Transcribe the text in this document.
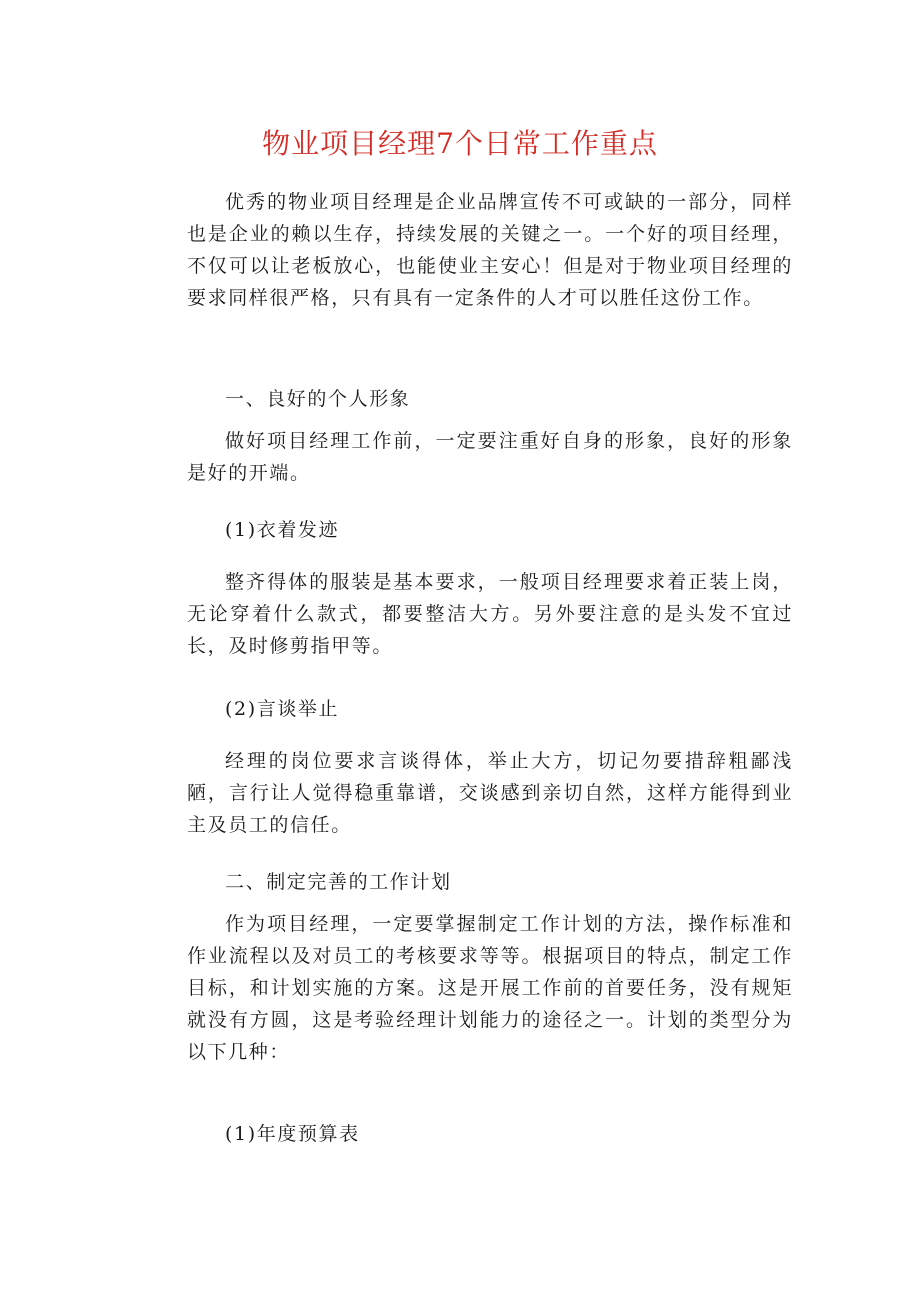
物业项目经理7个日常工作重点

优秀的物业项目经理是企业品牌宣传不可或缺的一部分，同样也是企业的赖以生存，持续发展的关键之一。一个好的项目经理，不仅可以让老板放心，也能使业主安心！但是对于物业项目经理的要求同样很严格，只有具有一定条件的人才可以胜任这份工作。

一、良好的个人形象

做好项目经理工作前，一定要注重好自身的形象，良好的形象是好的开端。

(1)衣着发迹

整齐得体的服装是基本要求，一般项目经理要求着正装上岗，无论穿着什么款式，都要整洁大方。另外要注意的是头发不宜过长，及时修剪指甲等。

(2)言谈举止

经理的岗位要求言谈得体，举止大方，切记勿要措辞粗鄙浅陋，言行让人觉得稳重靠谱，交谈感到亲切自然，这样方能得到业主及员工的信任。

二、制定完善的工作计划

作为项目经理，一定要掌握制定工作计划的方法，操作标准和作业流程以及对员工的考核要求等等。根据项目的特点，制定工作目标，和计划实施的方案。这是开展工作前的首要任务，没有规矩就没有方圆，这是考验经理计划能力的途径之一。计划的类型分为以下几种：

(1)年度预算表
